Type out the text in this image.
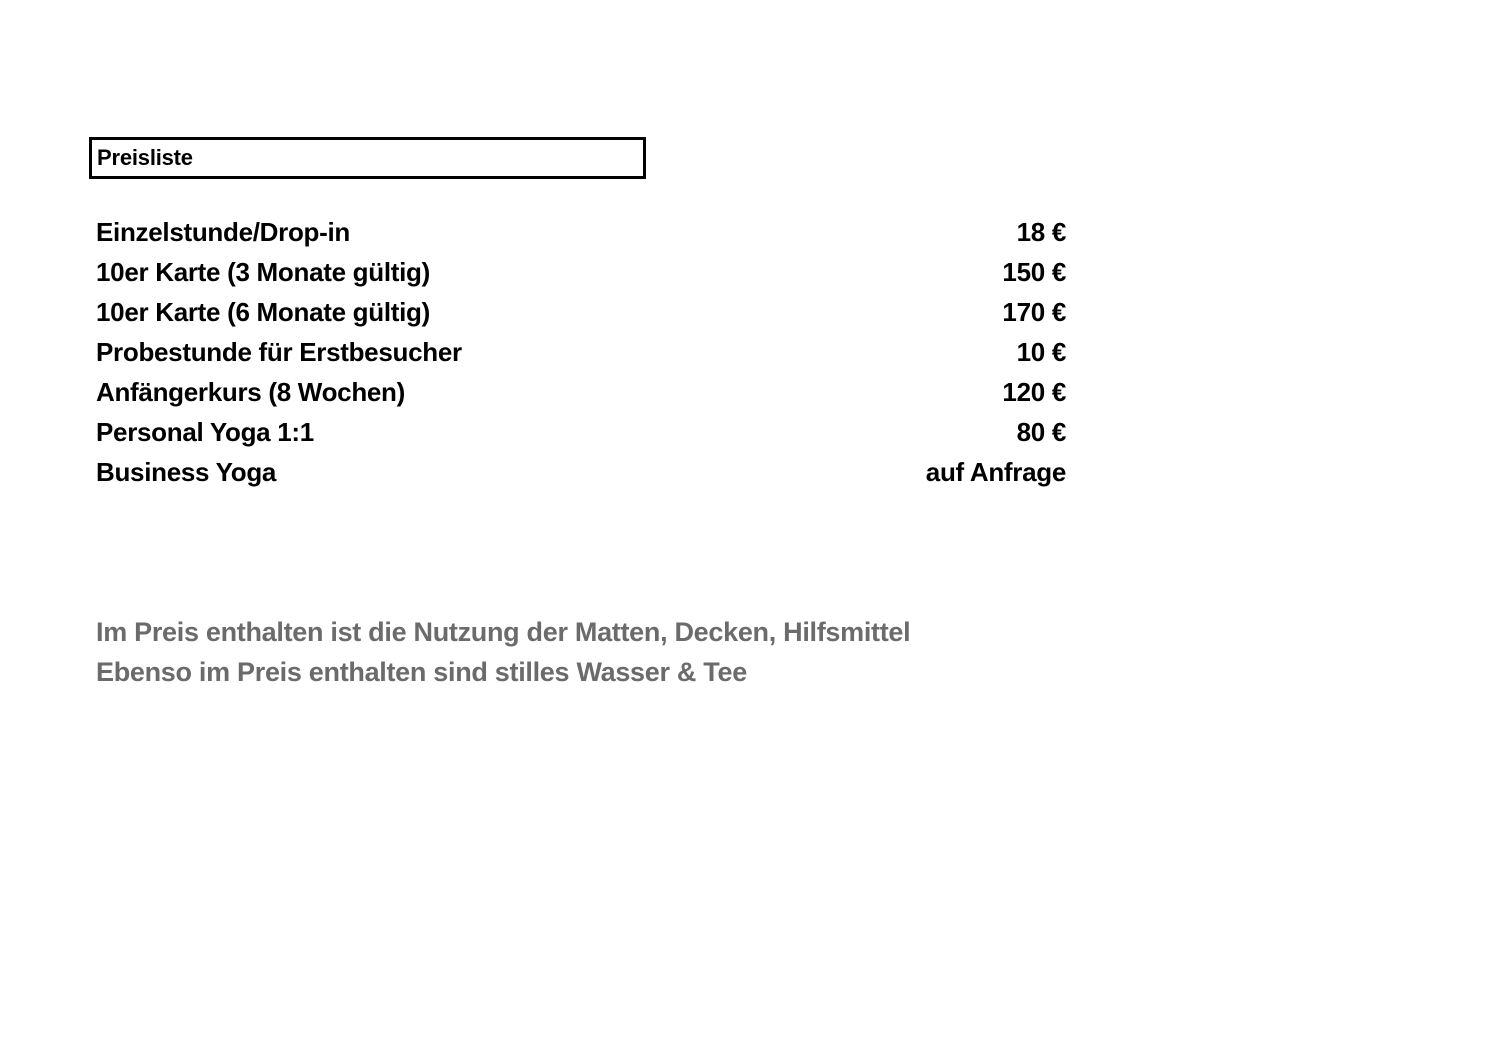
Preisliste
Einzelstunde/Drop-in	18 €
10er Karte (3 Monate gültig)	150 €
10er Karte (6 Monate gültig)	170 €
Probestunde für Erstbesucher	10 €
Anfängerkurs (8 Wochen)	120 €
Personal Yoga 1:1	80 €
Business Yoga	auf Anfrage
Im Preis enthalten ist die Nutzung der Matten, Decken, Hilfsmittel
Ebenso im Preis enthalten sind stilles Wasser & Tee
